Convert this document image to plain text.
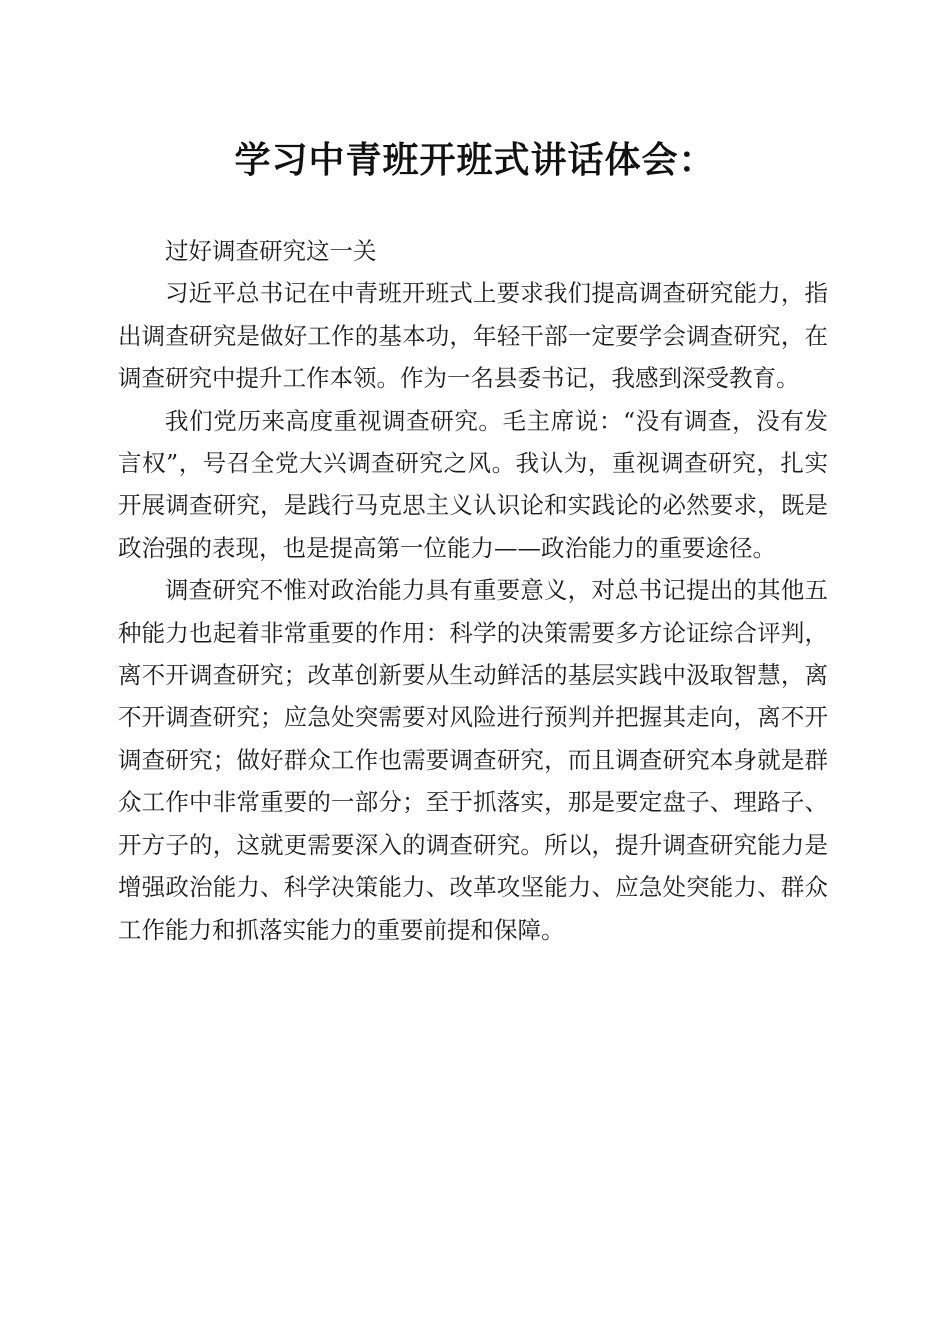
学习中青班开班式讲话体会：

过好调查研究这一关

习近平总书记在中青班开班式上要求我们提高调查研究能力，指出调查研究是做好工作的基本功，年轻干部一定要学会调查研究，在调查研究中提升工作本领。作为一名县委书记，我感到深受教育。

我们党历来高度重视调查研究。毛主席说：“没有调查，没有发言权”，号召全党大兴调查研究之风。我认为，重视调查研究，扎实开展调查研究，是践行马克思主义认识论和实践论的必然要求，既是政治强的表现，也是提高第一位能力——政治能力的重要途径。

调查研究不惟对政治能力具有重要意义，对总书记提出的其他五种能力也起着非常重要的作用：科学的决策需要多方论证综合评判，离不开调查研究；改革创新要从生动鲜活的基层实践中汲取智慧，离不开调查研究；应急处突需要对风险进行预判并把握其走向，离不开调查研究；做好群众工作也需要调查研究，而且调查研究本身就是群众工作中非常重要的一部分；至于抓落实，那是要定盘子、理路子、开方子的，这就更需要深入的调查研究。所以，提升调查研究能力是增强政治能力、科学决策能力、改革攻坚能力、应急处突能力、群众工作能力和抓落实能力的重要前提和保障。
